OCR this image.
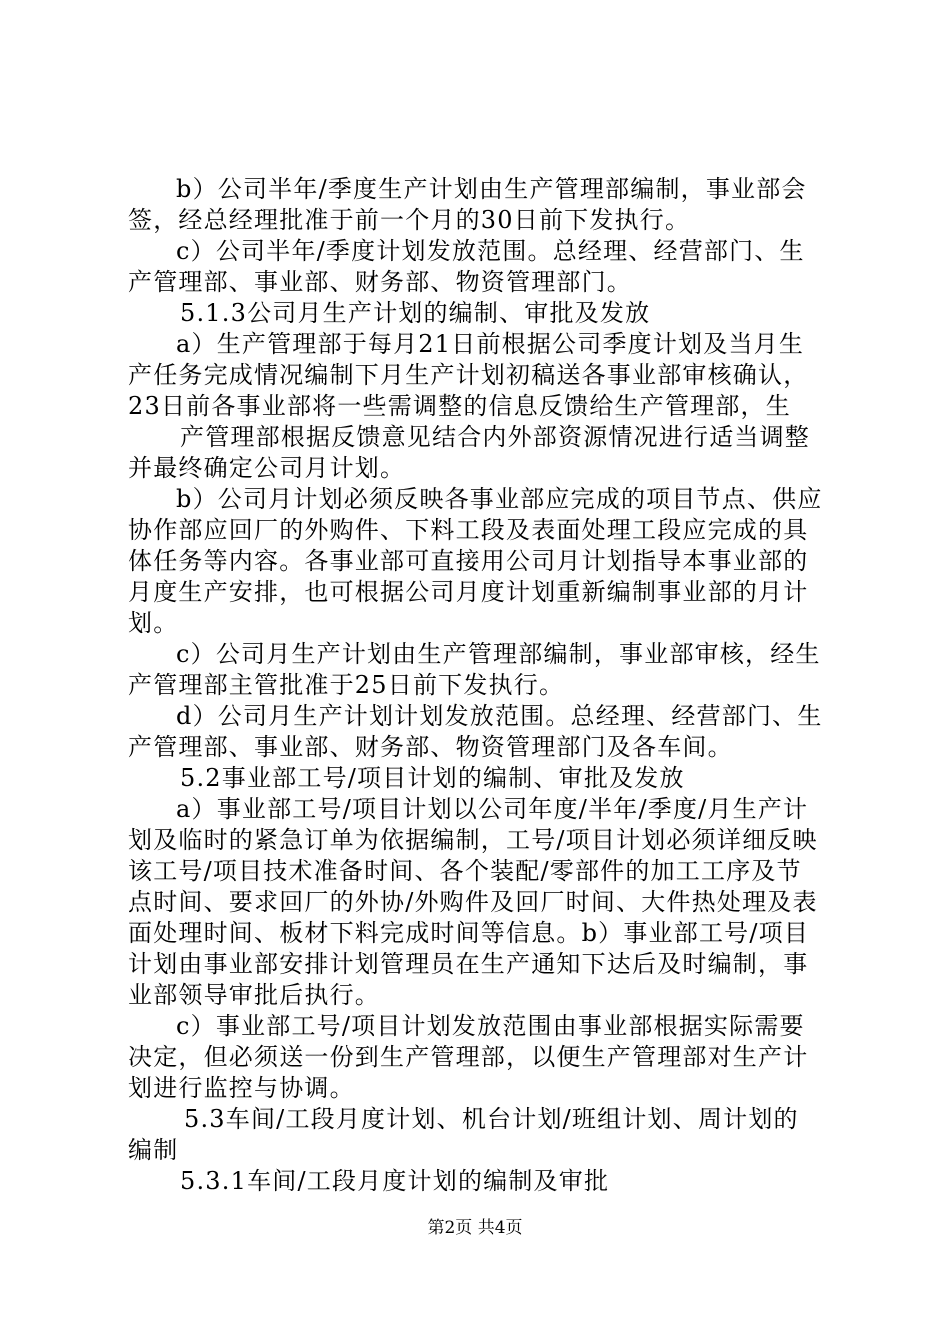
b）公司半年/季度生产计划由生产管理部编制，事业部会
签，经总经理批准于前一个月的30日前下发执行。
c）公司半年/季度计划发放范围。总经理、经营部门、生
产管理部、事业部、财务部、物资管理部门。
5.1.3公司月生产计划的编制、审批及发放
a）生产管理部于每月21日前根据公司季度计划及当月生
产任务完成情况编制下月生产计划初稿送各事业部审核确认，
23日前各事业部将一些需调整的信息反馈给生产管理部，生
产管理部根据反馈意见结合内外部资源情况进行适当调整
并最终确定公司月计划。
b）公司月计划必须反映各事业部应完成的项目节点、供应
协作部应回厂的外购件、下料工段及表面处理工段应完成的具
体任务等内容。各事业部可直接用公司月计划指导本事业部的
月度生产安排，也可根据公司月度计划重新编制事业部的月计
划。
c）公司月生产计划由生产管理部编制，事业部审核，经生
产管理部主管批准于25日前下发执行。
d）公司月生产计划计划发放范围。总经理、经营部门、生
产管理部、事业部、财务部、物资管理部门及各车间。
5.2事业部工号/项目计划的编制、审批及发放
a）事业部工号/项目计划以公司年度/半年/季度/月生产计
划及临时的紧急订单为依据编制，工号/项目计划必须详细反映
该工号/项目技术准备时间、各个装配/零部件的加工工序及节
点时间、要求回厂的外协/外购件及回厂时间、大件热处理及表
面处理时间、板材下料完成时间等信息。b）事业部工号/项目
计划由事业部安排计划管理员在生产通知下达后及时编制，事
业部领导审批后执行。
c）事业部工号/项目计划发放范围由事业部根据实际需要
决定，但必须送一份到生产管理部，以便生产管理部对生产计
划进行监控与协调。
5.3车间/工段月度计划、机台计划/班组计划、周计划的
编制
5.3.1车间/工段月度计划的编制及审批
第2页 共4页
